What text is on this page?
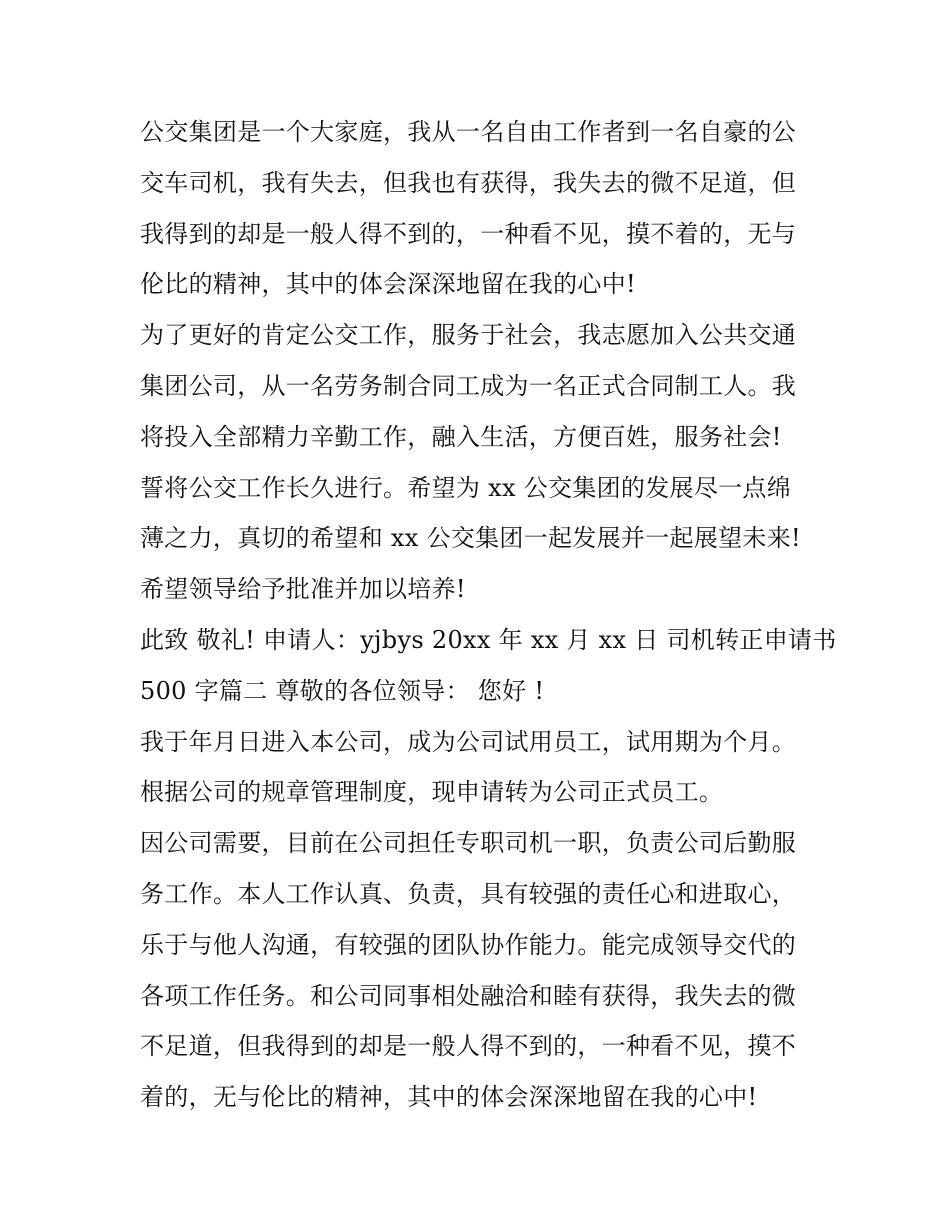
公交集团是一个大家庭，我从一名自由工作者到一名自豪的公
交车司机，我有失去，但我也有获得，我失去的微不足道，但
我得到的却是一般人得不到的，一种看不见，摸不着的，无与
伦比的精神，其中的体会深深地留在我的心中!
为了更好的肯定公交工作，服务于社会，我志愿加入公共交通
集团公司，从一名劳务制合同工成为一名正式合同制工人。我
将投入全部精力辛勤工作，融入生活，方便百姓，服务社会!
誓将公交工作长久进行。希望为 xx 公交集团的发展尽一点绵
薄之力，真切的希望和 xx 公交集团一起发展并一起展望未来!
希望领导给予批准并加以培养!
此致 敬礼! 申请人：yjbys 20xx 年 xx 月 xx 日 司机转正申请书
500 字篇二 尊敬的各位领导： 您好 !
我于年月日进入本公司，成为公司试用员工，试用期为个月。
根据公司的规章管理制度，现申请转为公司正式员工。
因公司需要，目前在公司担任专职司机一职，负责公司后勤服
务工作。本人工作认真、负责，具有较强的责任心和进取心，
乐于与他人沟通，有较强的团队协作能力。能完成领导交代的
各项工作任务。和公司同事相处融洽和睦有获得，我失去的微
不足道，但我得到的却是一般人得不到的，一种看不见，摸不
着的，无与伦比的精神，其中的体会深深地留在我的心中!
